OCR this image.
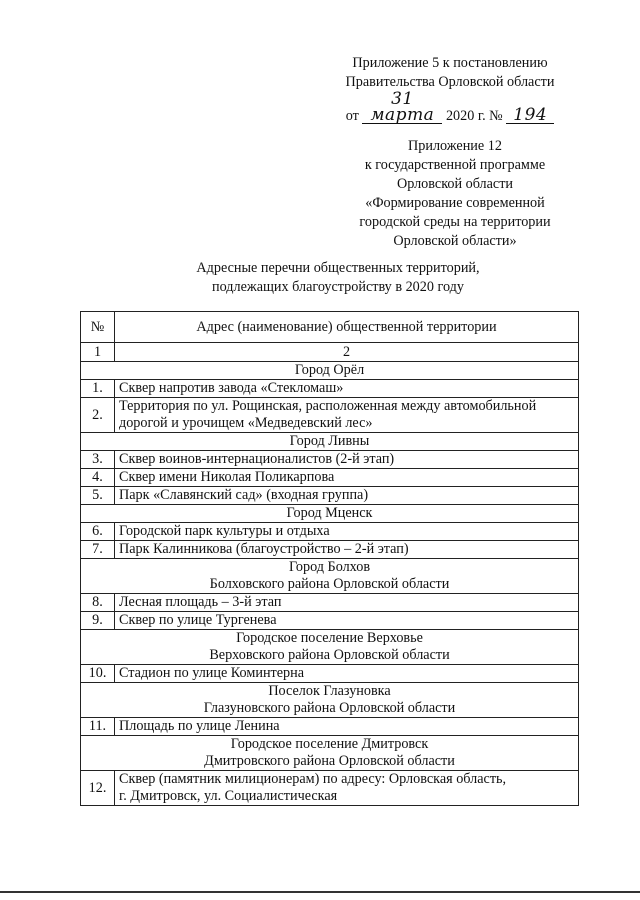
Приложение 5 к постановлению
Правительства Орловской области
от 31 марта 2020 г. № 194
Приложение 12
к государственной программе
Орловской области
«Формирование современной
городской среды на территории
Орловской области»
Адресные перечни общественных территорий,
подлежащих благоустройству в 2020 году
№	Адрес (наименование) общественной территории
1	2

Город Орёл	

1.	Сквер напротив завода «Стекломаш»

2.	Территория по ул. Рощинская, расположенная между автомобильной
дорогой и урочищем «Медведевский лес»

Город Ливны	

3.	Сквер воинов-интернационалистов (2-й этап)

4.	Сквер имени Николая Поликарпова

5.	Парк «Славянский сад» (входная группа)

Город Мценск	

6.	Городской парк культуры и отдыха

7.	Парк Калинникова (благоустройство – 2-й этап)

Город Болхов
Болховского района Орловской области	

8.	Лесная площадь – 3-й этап

9.	Сквер по улице Тургенева

Городское поселение Верховье
Верховского района Орловской области	

10.	Стадион по улице Коминтерна

Поселок Глазуновка
Глазуновского района Орловской области	

11.	Площадь по улице Ленина

Городское поселение Дмитровск
Дмитровского района Орловской области	

12.	Сквер (памятник милиционерам) по адресу: Орловская область,
г. Дмитровск, ул. Социалистическая
